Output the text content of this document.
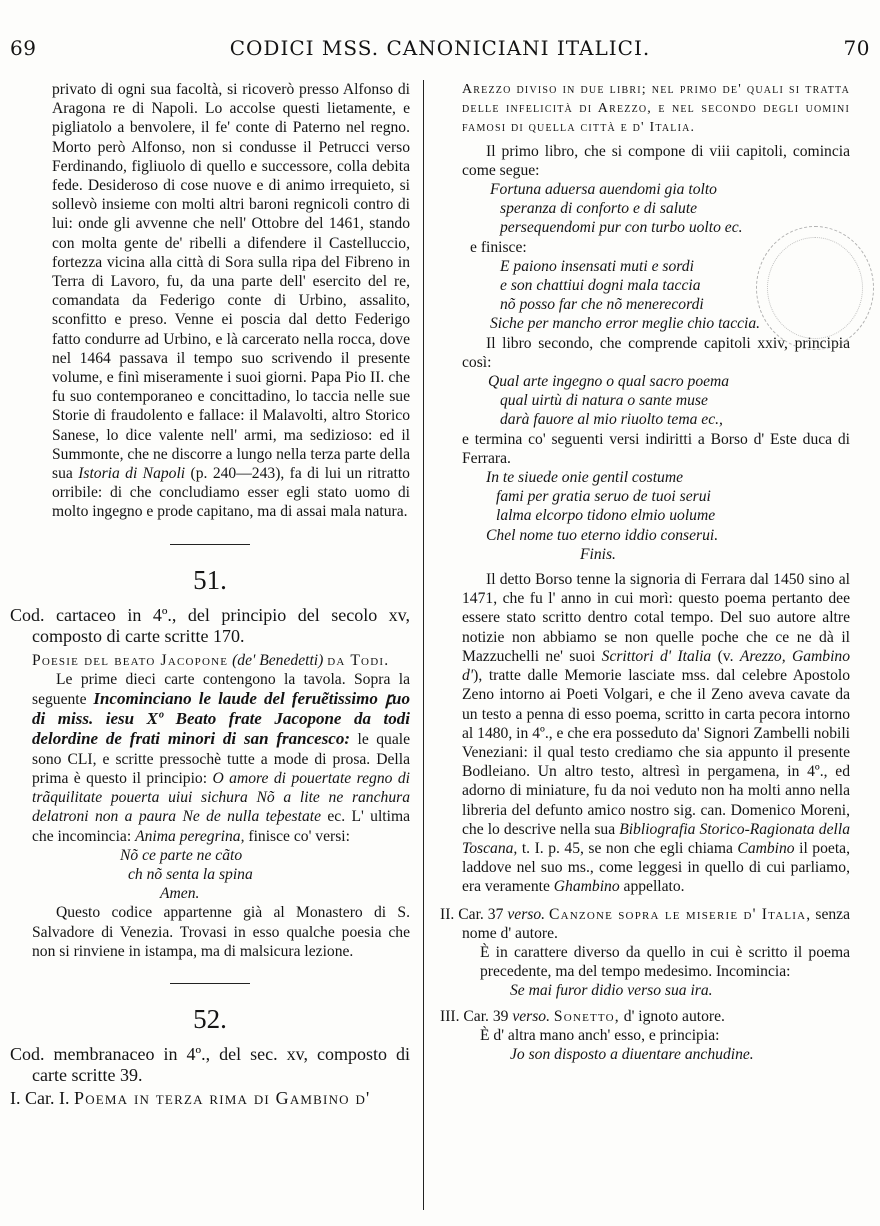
69	CODICI MSS. CANONICIANI ITALICI.	70

privato di ogni sua facoltà, si ricoverò presso Alfonso di Aragona re di Napoli. Lo accolse questi lietamente, e pigliatolo a benvolere, il fe' conte di Paterno nel regno. Morto però Alfonso, non si condusse il Petrucci verso Ferdinando, figliuolo di quello e successore, colla debita fede. Desideroso di cose nuove e di animo irrequieto, si sollevò insieme con molti altri baroni regnicoli contro di lui: onde gli avvenne che nell' Ottobre del 1461, stando con molta gente de' ribelli a difendere il Castelluccio, fortezza vicina alla città di Sora sulla ripa del Fibreno in Terra di Lavoro, fu, da una parte dell' esercito del re, comandata da Federigo conte di Urbino, assalito, sconfitto e preso. Venne ei poscia dal detto Federigo fatto condurre ad Urbino, e là carcerato nella rocca, dove nel 1464 passava il tempo suo scrivendo il presente volume, e finì miseramente i suoi giorni. Papa Pio II. che fu suo contemporaneo e concittadino, lo taccia nelle sue Storie di fraudolento e fallace: il Malavolti, altro Storico Sanese, lo dice valente nell' armi, ma sedizioso: ed il Summonte, che ne discorre a lungo nella terza parte della sua Istoria di Napoli (p. 240—243), fa di lui un ritratto orribile: di che concludiamo esser egli stato uomo di molto ingegno e prode capitano, ma di assai mala natura.

51.

Cod. cartaceo in 4º., del principio del secolo xv, composto di carte scritte 170.

Poesie del beato Jacopone (de' Benedetti) da Todi.

Le prime dieci carte contengono la tavola. Sopra la seguente Incominciano le laude del feruẽtissimo ꝼuo di miss. iesu Xº Beato frate Jacopone da todi delordine de frati minori di san francesco: le quale sono CLI, e scritte pressochè tutte a mode di prosa. Della prima è questo il principio: O amore di pouertate regno di trãquilitate pouerta uiui sichura Nõ a lite ne ranchura delatroni non a paura Ne de nulla teþestate ec. L' ultima che incomincia: Anima peregrina, finisce co' versi:

Nõ ce parte ne cãto

ch nõ senta la spina

Amen.

Questo codice appartenne già al Monastero di S. Salvadore di Venezia. Trovasi in esso qualche poesia che non si rinviene in istampa, ma di malsicura lezione.

52.

Cod. membranaceo in 4º., del sec. xv, composto di carte scritte 39.

I. Car. I. Poema in terza rima di Gambino d'

Arezzo diviso in due libri; nel primo de' quali si tratta delle infelicità di Arezzo, e nel secondo degli uomini famosi di quella città e d' Italia.

Il primo libro, che si compone di viii capitoli, comincia come segue:

Fortuna aduersa auendomi gia tolto

speranza di conforto e di salute

persequendomi pur con turbo uolto ec.

e finisce:

E paiono insensati muti e sordi

e son chattiui dogni mala taccia

nõ posso far che nõ menerecordi

Siche per mancho error meglie chio taccia.

Il libro secondo, che comprende capitoli xxiv, principia così:

Qual arte ingegno o qual sacro poema

qual uirtù di natura o sante muse

darà fauore al mio riuolto tema ec.,

e termina co' seguenti versi indiritti a Borso d' Este duca di Ferrara.

In te siuede onie gentil costume

fami per gratia seruo de tuoi serui

lalma elcorpo tidono elmio uolume

Chel nome tuo eterno iddio conserui.

Finis.

Il detto Borso tenne la signoria di Ferrara dal 1450 sino al 1471, che fu l' anno in cui morì: questo poema pertanto dee essere stato scritto dentro cotal tempo. Del suo autore altre notizie non abbiamo se non quelle poche che ce ne dà il Mazzuchelli ne' suoi Scrittori d' Italia (v. Arezzo, Gambino d'), tratte dalle Memorie lasciate mss. dal celebre Apostolo Zeno intorno ai Poeti Volgari, e che il Zeno aveva cavate da un testo a penna di esso poema, scritto in carta pecora intorno al 1480, in 4º., e che era posseduto da' Signori Zambelli nobili Veneziani: il qual testo crediamo che sia appunto il presente Bodleiano. Un altro testo, altresì in pergamena, in 4º., ed adorno di miniature, fu da noi veduto non ha molti anno nella libreria del defunto amico nostro sig. can. Domenico Moreni, che lo descrive nella sua Bibliografia Storico-Ragionata della Toscana, t. I. p. 45, se non che egli chiama Cambino il poeta, laddove nel suo ms., come leggesi in quello di cui parliamo, era veramente Ghambino appellato.

II. Car. 37 verso. Canzone sopra le miserie d' Italia, senza nome d' autore.

È in carattere diverso da quello in cui è scritto il poema precedente, ma del tempo medesimo. Incomincia:

Se mai furor didio verso sua ira.

III. Car. 39 verso. Sonetto, d' ignoto autore.

È d' altra mano anch' esso, e principia:

Jo son disposto a diuentare anchudine.
